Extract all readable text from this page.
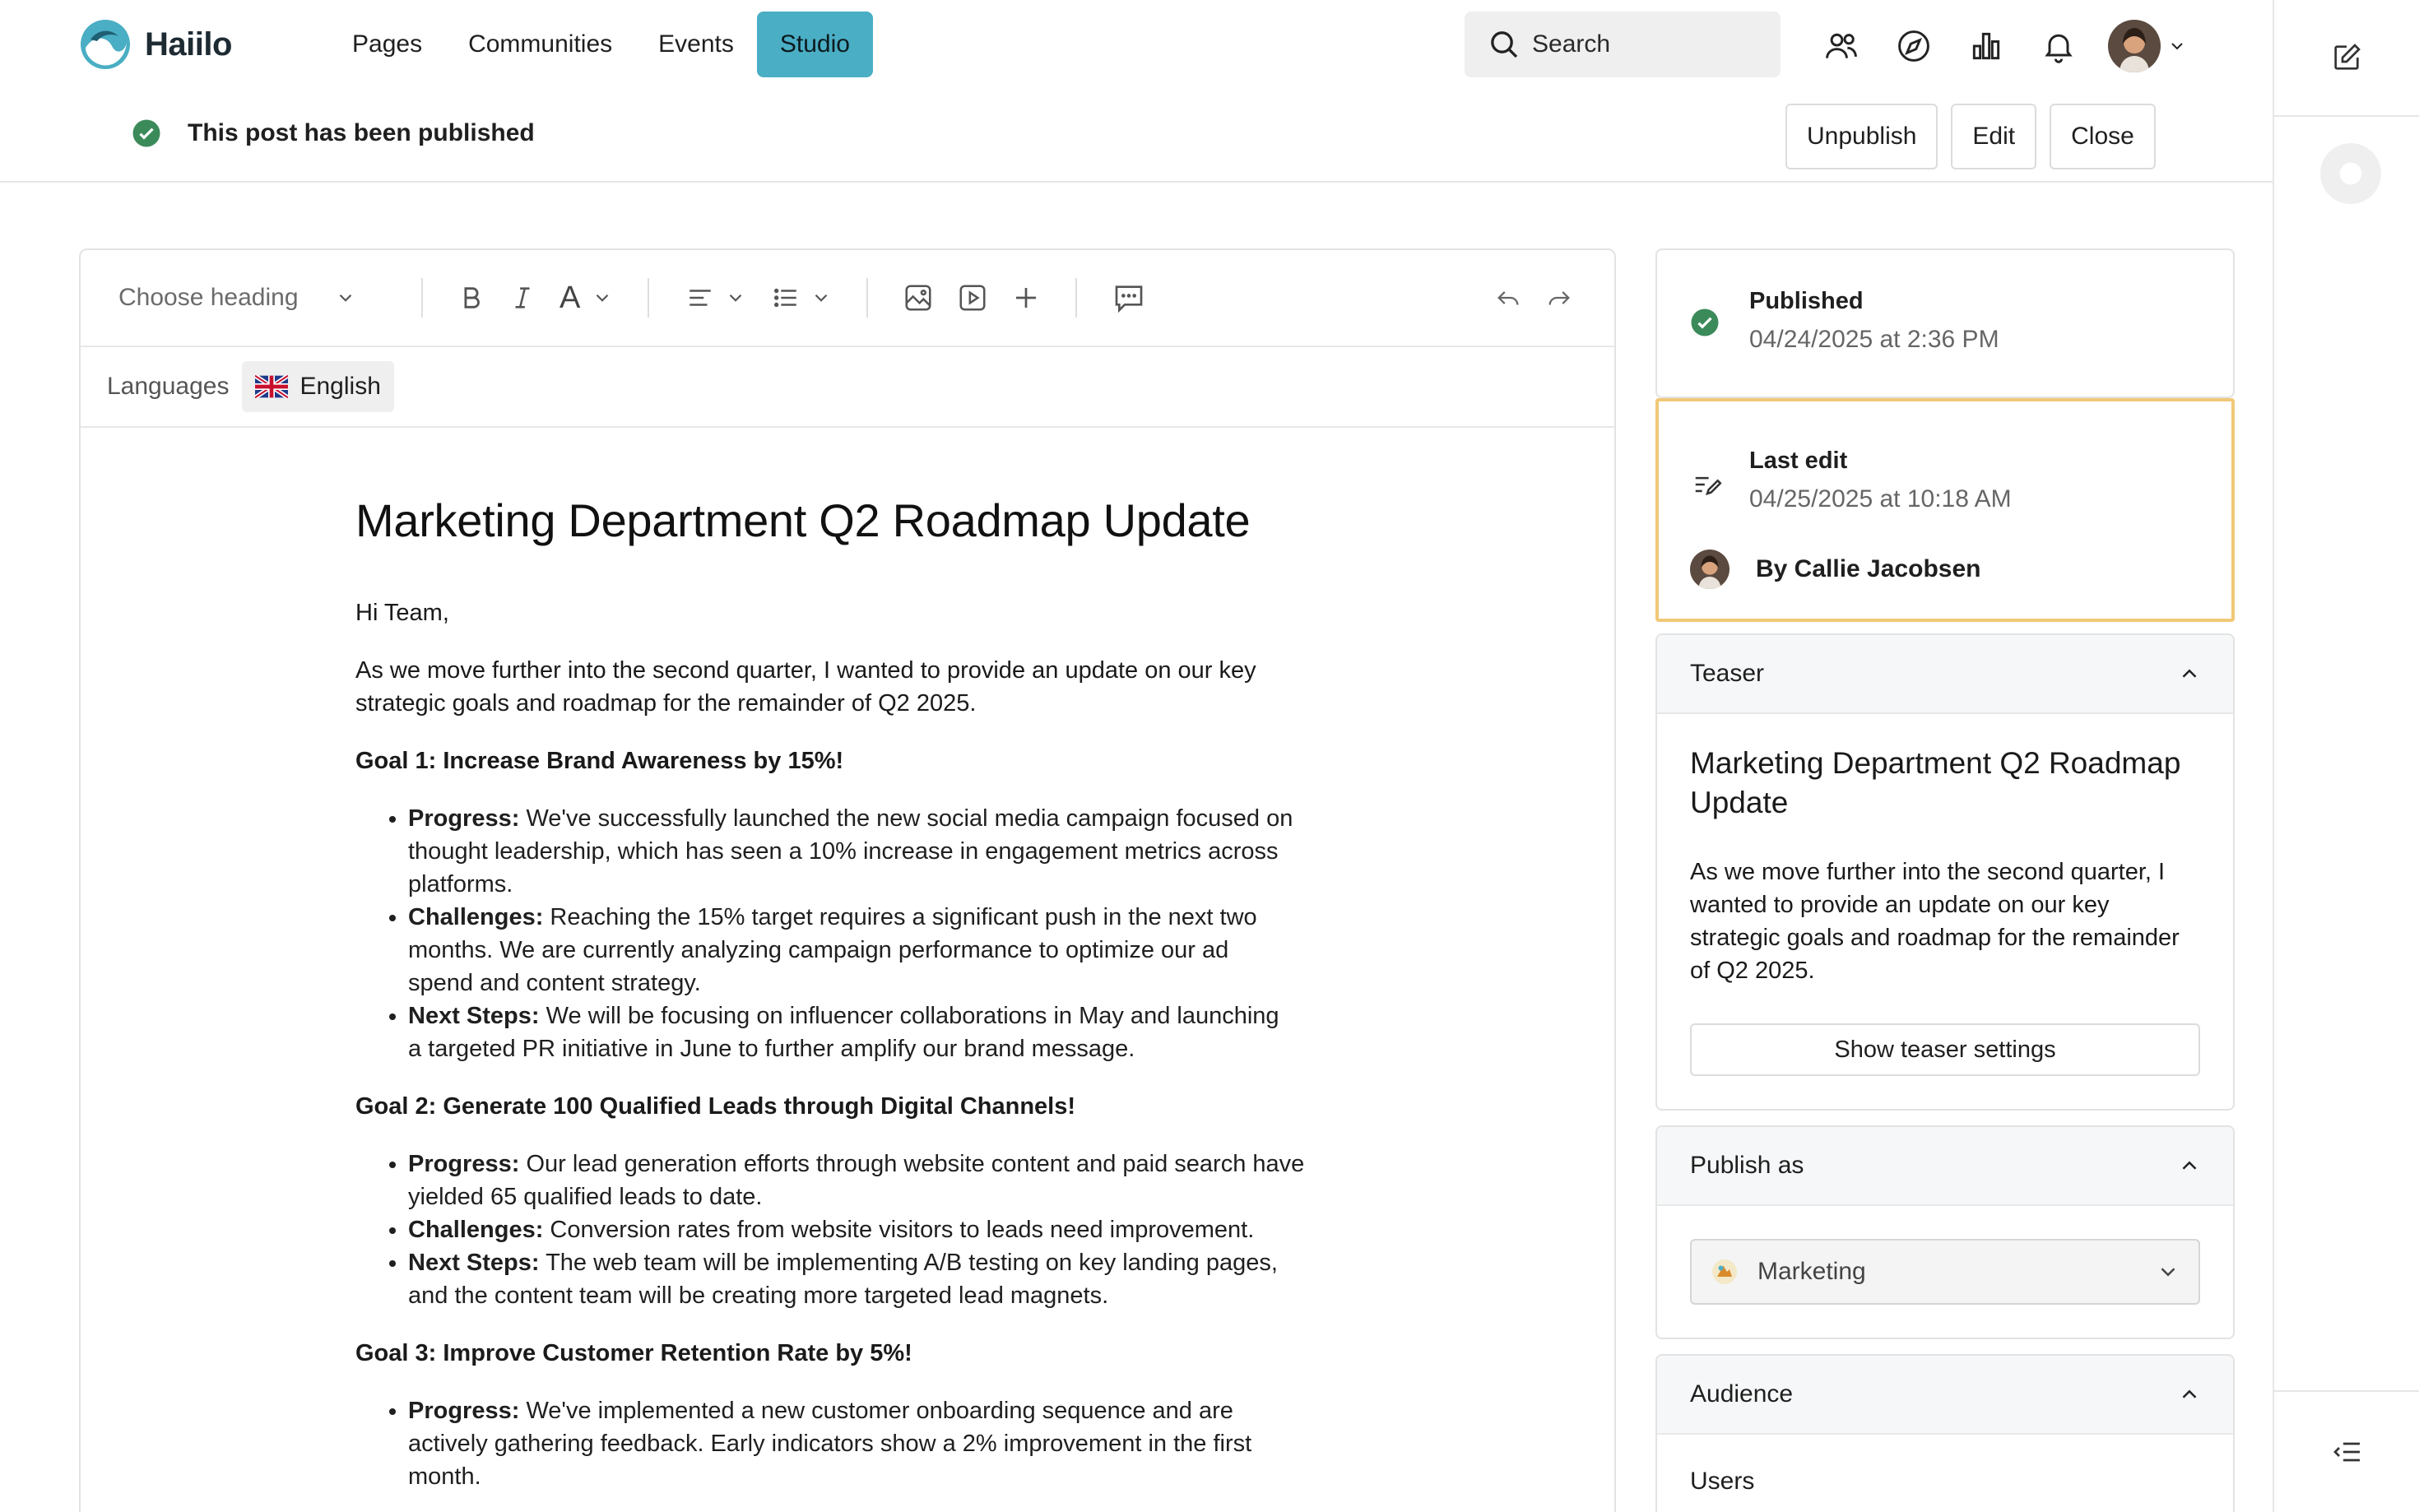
Haiilo	Pages	Communities	Events	Studio	Search
This post has been published	Unpublish	Edit	Close
Choose heading	A
Languages	English
Marketing Department Q2 Roadmap Update

Hi Team,

As we move further into the second quarter, I wanted to provide an update on our key strategic goals and roadmap for the remainder of Q2 2025.

Goal 1: Increase Brand Awareness by 15%!

• Progress: We've successfully launched the new social media campaign focused on thought leadership, which has seen a 10% increase in engagement metrics across platforms.
• Challenges: Reaching the 15% target requires a significant push in the next two months. We are currently analyzing campaign performance to optimize our ad spend and content strategy.
• Next Steps: We will be focusing on influencer collaborations in May and launching a targeted PR initiative in June to further amplify our brand message.

Goal 2: Generate 100 Qualified Leads through Digital Channels!

• Progress: Our lead generation efforts through website content and paid search have yielded 65 qualified leads to date.
• Challenges: Conversion rates from website visitors to leads need improvement.
• Next Steps: The web team will be implementing A/B testing on key landing pages, and the content team will be creating more targeted lead magnets.

Goal 3: Improve Customer Retention Rate by 5%!

• Progress: We've implemented a new customer onboarding sequence and are actively gathering feedback. Early indicators show a 2% improvement in the first month.
Published
04/24/2025 at 2:36 PM
Last edit
04/25/2025 at 10:18 AM
By Callie Jacobsen
Teaser
Marketing Department Q2 Roadmap Update
As we move further into the second quarter, I wanted to provide an update on our key strategic goals and roadmap for the remainder of Q2 2025.
Show teaser settings
Publish as
Marketing
Audience
Users
